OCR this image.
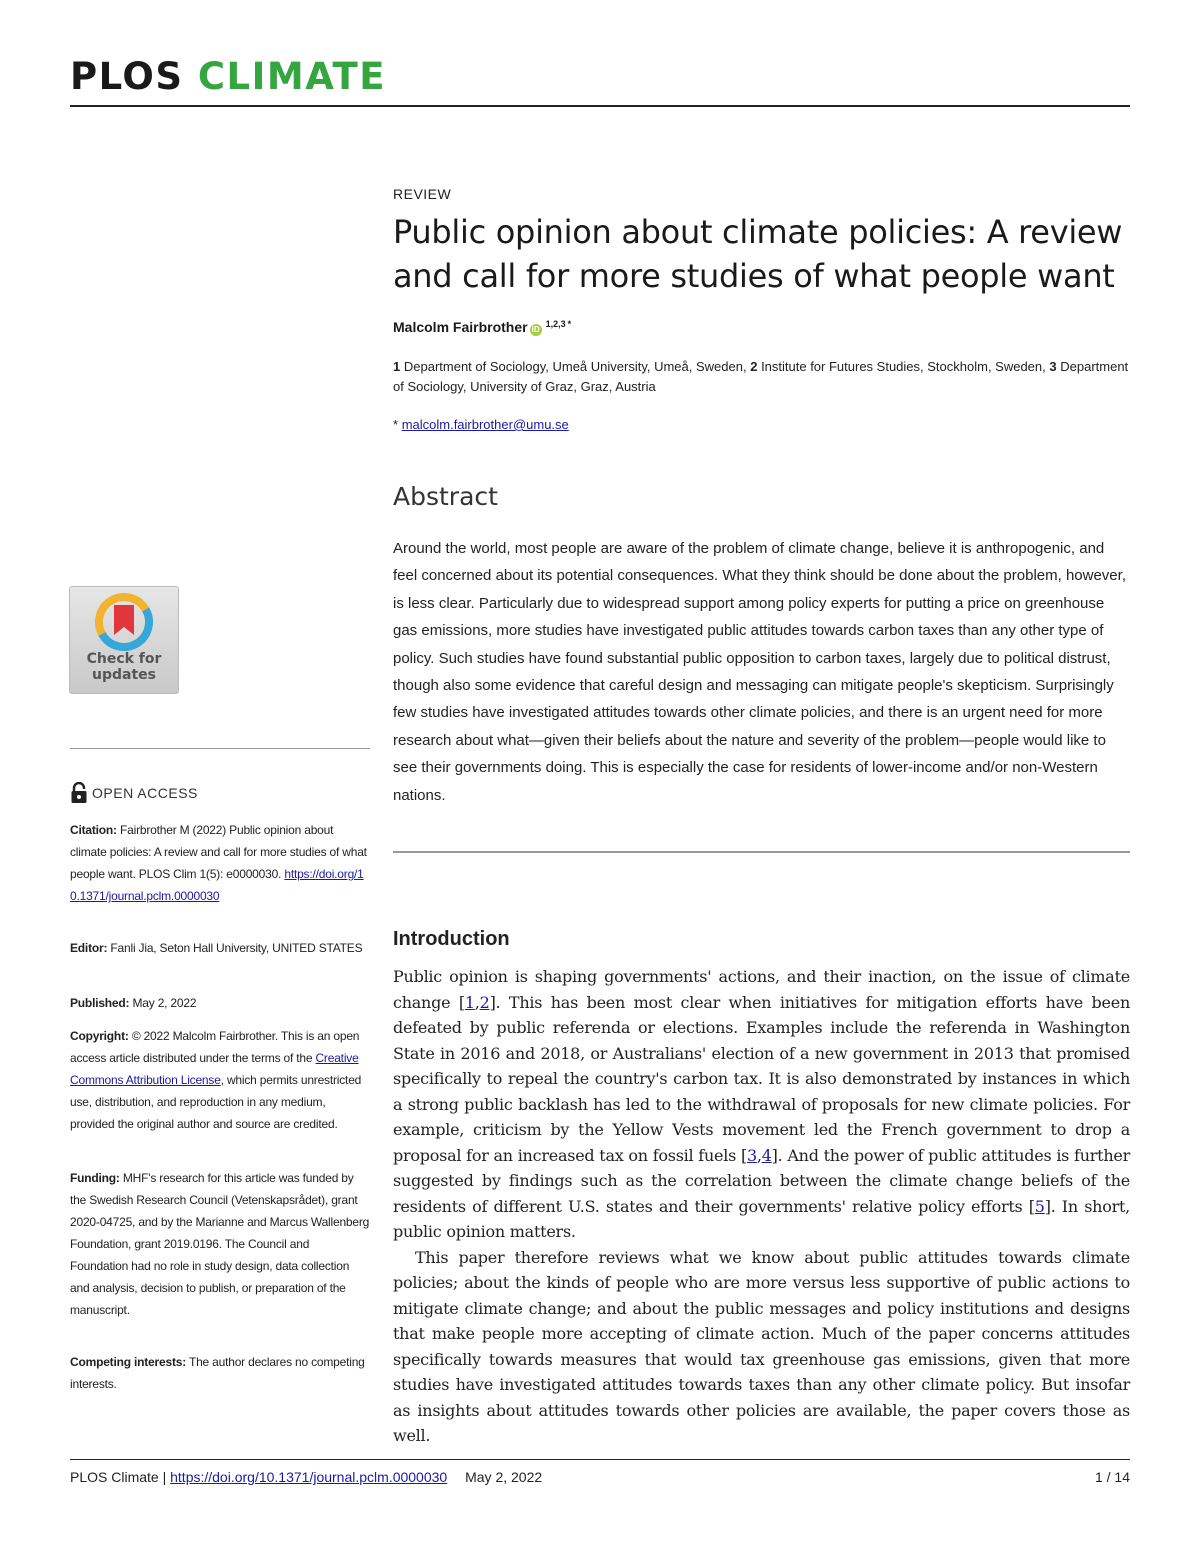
PLOS CLIMATE
REVIEW
Public opinion about climate policies: A review and call for more studies of what people want
Malcolm Fairbrother iD
$^{1,2,3}$ *
1 Department of Sociology, Umeå University, Umeå, Sweden, 2 Institute for Futures Studies, Stockholm, Sweden, 3 Department of Sociology, University of Graz, Graz, Austria
* malcolm.fairbrother@umu.se
Abstract
Around the world, most people are aware of the problem of climate change, believe it is anthropogenic, and feel concerned about its potential consequences. What they think should be done about the problem, however, is less clear. Particularly due to widespread support among policy experts for putting a price on greenhouse gas emissions, more studies have investigated public attitudes towards carbon taxes than any other type of policy. Such studies have found substantial public opposition to carbon taxes, largely due to political distrust, though also some evidence that careful design and messaging can mitigate people's skepticism. Surprisingly few studies have investigated attitudes towards other climate policies, and there is an urgent need for more research about what—given their beliefs about the nature and severity of the problem—people would like to see their governments doing. This is especially the case for residents of lower-income and/or non-Western nations.
Introduction

Public opinion is shaping governments' actions, and their inaction, on the issue of climate change [1,2]. This has been most clear when initiatives for mitigation efforts have been defeated by public referenda or elections. Examples include the referenda in Washington State in 2016 and 2018, or Australians' election of a new government in 2013 that promised specifically to repeal the country's carbon tax. It is also demonstrated by instances in which a strong public backlash has led to the withdrawal of proposals for new climate policies. For example, criticism by the Yellow Vests movement led the French government to drop a proposal for an increased tax on fossil fuels [3,4]. And the power of public attitudes is further suggested by findings such as the correlation between the climate change beliefs of the residents of different U.S. states and their governments' relative policy efforts [5]. In short, public opinion matters.

This paper therefore reviews what we know about public attitudes towards climate policies; about the kinds of people who are more versus less supportive of public actions to mitigate climate change; and about the public messages and policy institutions and designs that make people more accepting of climate action. Much of the paper concerns attitudes specifically towards measures that would tax greenhouse gas emissions, given that more studies have investigated attitudes towards taxes than any other climate policy. But insofar as insights about attitudes towards other policies are available, the paper covers those as well.

Check for
updates
OPEN ACCESS
Citation: Fairbrother M (2022) Public opinion about climate policies: A review and call for more studies of what people want. PLOS Clim 1(5): e0000030. https://doi.org/10.1371/journal.pclm.0000030
Editor: Fanli Jia, Seton Hall University, UNITED STATES
Published: May 2, 2022
Copyright: © 2022 Malcolm Fairbrother. This is an open access article distributed under the terms of the Creative Commons Attribution License, which permits unrestricted use, distribution, and reproduction in any medium, provided the original author and source are credited.
Funding: MHF's research for this article was funded by the Swedish Research Council (Vetenskapsrådet), grant 2020-04725, and by the Marianne and Marcus Wallenberg Foundation, grant 2019.0196. The Council and Foundation had no role in study design, data collection and analysis, decision to publish, or preparation of the manuscript.
Competing interests: The author declares no competing interests.
PLOS Climate | https://doi.org/10.1371/journal.pclm.0000030 May 2, 2022	1 / 14
